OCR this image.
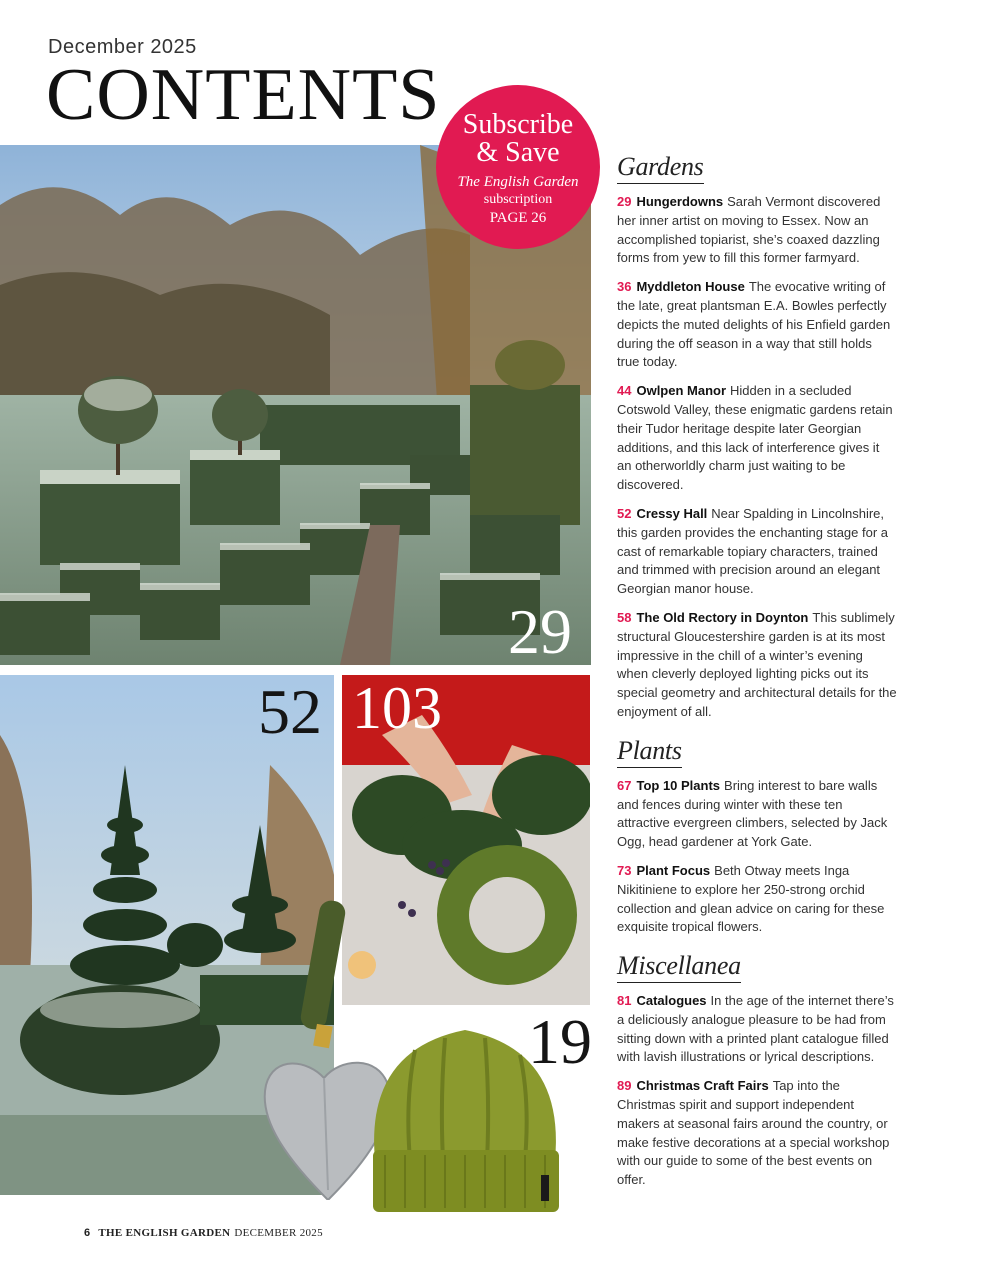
December 2025
CONTENTS
29
Subscribe
& Save
The English Garden
subscription
PAGE 26
52 103
19
Gardens

29 Hungerdowns Sarah Vermont discovered her inner artist on moving to Essex. Now an accomplished topiarist, she’s coaxed dazzling forms from yew to fill this former farmyard.

36 Myddleton House The evocative writing of the late, great plantsman E.A. Bowles perfectly depicts the muted delights of his Enfield garden during the off season in a way that still holds true today.

44 Owlpen Manor Hidden in a secluded Cotswold Valley, these enigmatic gardens retain their Tudor heritage despite later Georgian additions, and this lack of interference gives it an otherworldly charm just waiting to be discovered.

52 Cressy Hall Near Spalding in Lincolnshire, this garden provides the enchanting stage for a cast of remarkable topiary characters, trained and trimmed with precision around an elegant Georgian manor house.

58 The Old Rectory in Doynton This sublimely structural Gloucestershire garden is at its most impressive in the chill of a winter’s evening when cleverly deployed lighting picks out its special geometry and architectural details for the enjoyment of all.

Plants

67 Top 10 Plants Bring interest to bare walls and fences during winter with these ten attractive evergreen climbers, selected by Jack Ogg, head gardener at York Gate.

73 Plant Focus Beth Otway meets Inga Nikitiniene to explore her 250-strong orchid collection and glean advice on caring for these exquisite tropical flowers.

Miscellanea

81 Catalogues In the age of the internet there’s a deliciously analogue pleasure to be had from sitting down with a printed plant catalogue filled with lavish illustrations or lyrical descriptions.

89 Christmas Craft Fairs Tap into the Christmas spirit and support independent makers at seasonal fairs around the country, or make festive decorations at a special workshop with our guide to some of the best events on offer.

6 THE ENGLISH GARDEN DECEMBER 2025
